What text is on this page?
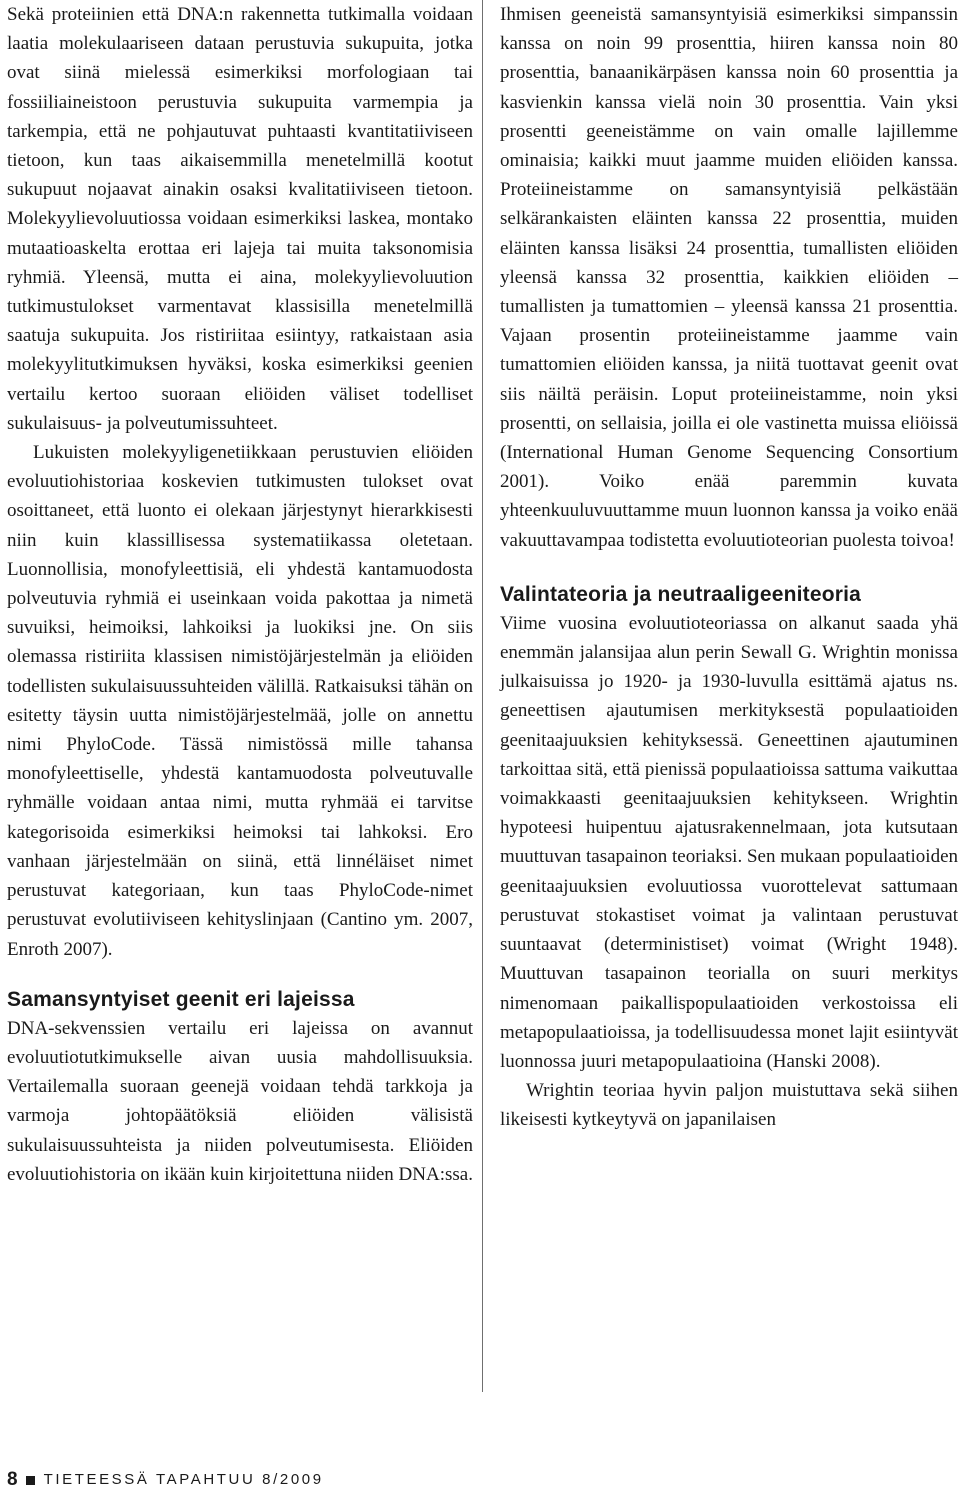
Sekä proteiinien että DNA:n rakennetta tutkimalla voidaan laatia molekulaariseen dataan perustuvia sukupuita, jotka ovat siinä mielessä esimerkiksi morfologiaan tai fossiiliaineistoon perustuvia sukupuita varmempia ja tarkempia, että ne pohjautuvat puhtaasti kvantitatiiviseen tietoon, kun taas aikaisemmilla menetelmillä kootut sukupuut nojaavat ainakin osaksi kvalitatiiviseen tietoon. Molekyylievoluutiossa voidaan esimerkiksi laskea, montako mutaatioaskelta erottaa eri lajeja tai muita taksonomisia ryhmiä. Yleensä, mutta ei aina, molekyylievoluution tutkimustulokset varmentavat klassisilla menetelmillä saatuja sukupuita. Jos ristiriitaa esiintyy, ratkaistaan asia molekyylitutkimuksen hyväksi, koska esimerkiksi geenien vertailu kertoo suoraan eliöiden väliset todelliset sukulaisuus- ja polveutumissuhteet.

Lukuisten molekyyligenetiikkaan perustuvien eliöiden evoluutiohistoriaa koskevien tutkimusten tulokset ovat osoittaneet, että luonto ei olekaan järjestynyt hierarkkisesti niin kuin klassillisessa systematiikassa oletetaan. Luonnollisia, monofyleettisiä, eli yhdestä kantamuodosta polveutuvia ryhmiä ei useinkaan voida pakottaa ja nimetä suvuiksi, heimoiksi, lahkoiksi ja luokiksi jne. On siis olemassa ristiriita klassisen nimistöjärjestelmän ja eliöiden todellisten sukulaisuussuhteiden välillä. Ratkaisuksi tähän on esitetty täysin uutta nimistöjärjestelmää, jolle on annettu nimi PhyloCode. Tässä nimistössä mille tahansa monofyleettiselle, yhdestä kantamuodosta polveutuvalle ryhmälle voidaan antaa nimi, mutta ryhmää ei tarvitse kategorisoida esimerkiksi heimoksi tai lahkoksi. Ero vanhaan järjestelmään on siinä, että linnéläiset nimet perustuvat kategoriaan, kun taas PhyloCode-nimet perustuvat evolutiiviseen kehityslinjaan (Cantino ym. 2007, Enroth 2007).

Samansyntyiset geenit eri lajeissa

DNA-sekvenssien vertailu eri lajeissa on avannut evoluutiotutkimukselle aivan uusia mahdollisuuksia. Vertailemalla suoraan geenejä voidaan tehdä tarkkoja ja varmoja johtopäätöksiä eliöiden välisistä sukulaisuussuhteista ja niiden polveutumisesta. Eliöiden evoluutiohistoria on ikään kuin kirjoitettuna niiden DNA:ssa.

Ihmisen geeneistä samansyntyisiä esimerkiksi simpanssin kanssa on noin 99 prosenttia, hiiren kanssa noin 80 prosenttia, banaanikärpäsen kanssa noin 60 prosenttia ja kasvienkin kanssa vielä noin 30 prosenttia. Vain yksi prosentti geeneistämme on vain omalle lajillemme ominaisia; kaikki muut jaamme muiden eliöiden kanssa. Proteiineistamme on samansyntyisiä pelkästään selkärankaisten eläinten kanssa 22 prosenttia, muiden eläinten kanssa lisäksi 24 prosenttia, tumallisten eliöiden yleensä kanssa 32 prosenttia, kaikkien eliöiden – tumallisten ja tumattomien – yleensä kanssa 21 prosenttia. Vajaan prosentin proteiineistamme jaamme vain tumattomien eliöiden kanssa, ja niitä tuottavat geenit ovat siis näiltä peräisin. Loput proteiineistamme, noin yksi prosentti, on sellaisia, joilla ei ole vastinetta muissa eliöissä (International Human Genome Sequencing Consortium 2001). Voiko enää paremmin kuvata yhteenkuuluvuuttamme muun luonnon kanssa ja voiko enää vakuuttavampaa todistetta evoluutioteorian puolesta toivoa!

Valintateoria ja neutraaligeeniteoria

Viime vuosina evoluutioteoriassa on alkanut saada yhä enemmän jalansijaa alun perin Sewall G. Wrightin monissa julkaisuissa jo 1920- ja 1930-luvulla esittämä ajatus ns. geneettisen ajautumisen merkityksestä populaatioiden geenitaajuuksien kehityksessä. Geneettinen ajautuminen tarkoittaa sitä, että pienissä populaatioissa sattuma vaikuttaa voimakkaasti geenitaajuuksien kehitykseen. Wrightin hypoteesi huipentuu ajatusrakennelmaan, jota kutsutaan muuttuvan tasapainon teoriaksi. Sen mukaan populaatioiden geenitaajuuksien evoluutiossa vuorottelevat sattumaan perustuvat stokastiset voimat ja valintaan perustuvat suuntaavat (deterministiset) voimat (Wright 1948). Muuttuvan tasapainon teorialla on suuri merkitys nimenomaan paikallispopulaatioiden verkostoissa eli metapopulaatioissa, ja todellisuudessa monet lajit esiintyvät luonnossa juuri metapopulaatioina (Hanski 2008).

Wrightin teoriaa hyvin paljon muistuttava sekä siihen likeisesti kytkeytyvä on japanilaisen

8 TIETEESSÄ TAPAHTUU 8/2009
